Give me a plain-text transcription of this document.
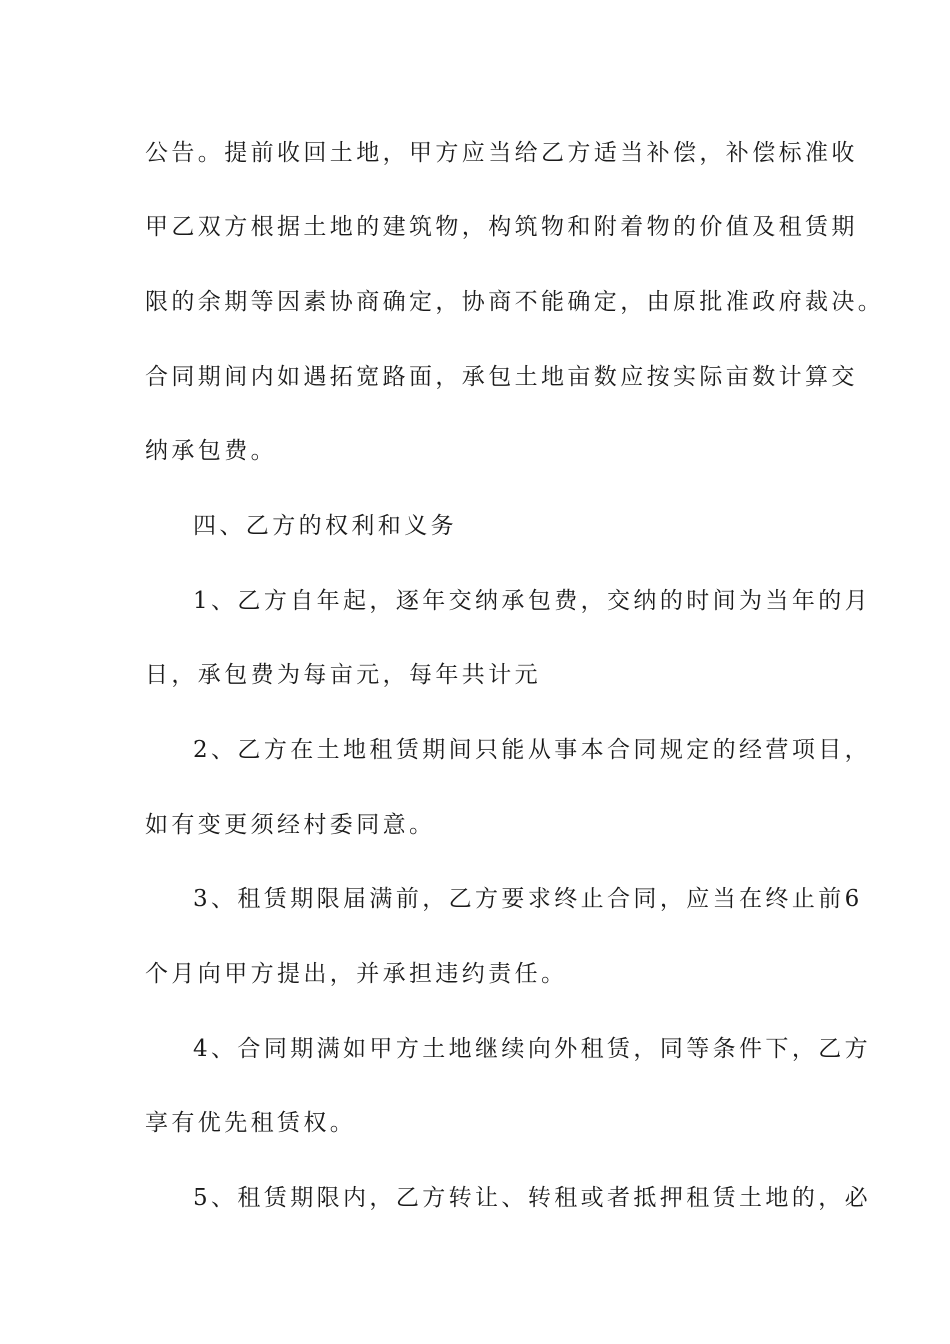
公告。提前收回土地，甲方应当给乙方适当补偿，补偿标准收

甲乙双方根据土地的建筑物，构筑物和附着物的价值及租赁期

限的余期等因素协商确定，协商不能确定，由原批准政府裁决。

合同期间内如遇拓宽路面，承包土地亩数应按实际亩数计算交

纳承包费。

四、乙方的权利和义务

1、乙方自年起，逐年交纳承包费，交纳的时间为当年的月

日，承包费为每亩元，每年共计元

2、乙方在土地租赁期间只能从事本合同规定的经营项目，

如有变更须经村委同意。

3、租赁期限届满前，乙方要求终止合同，应当在终止前6

个月向甲方提出，并承担违约责任。

4、合同期满如甲方土地继续向外租赁，同等条件下，乙方

享有优先租赁权。

5、租赁期限内，乙方转让、转租或者抵押租赁土地的，必
